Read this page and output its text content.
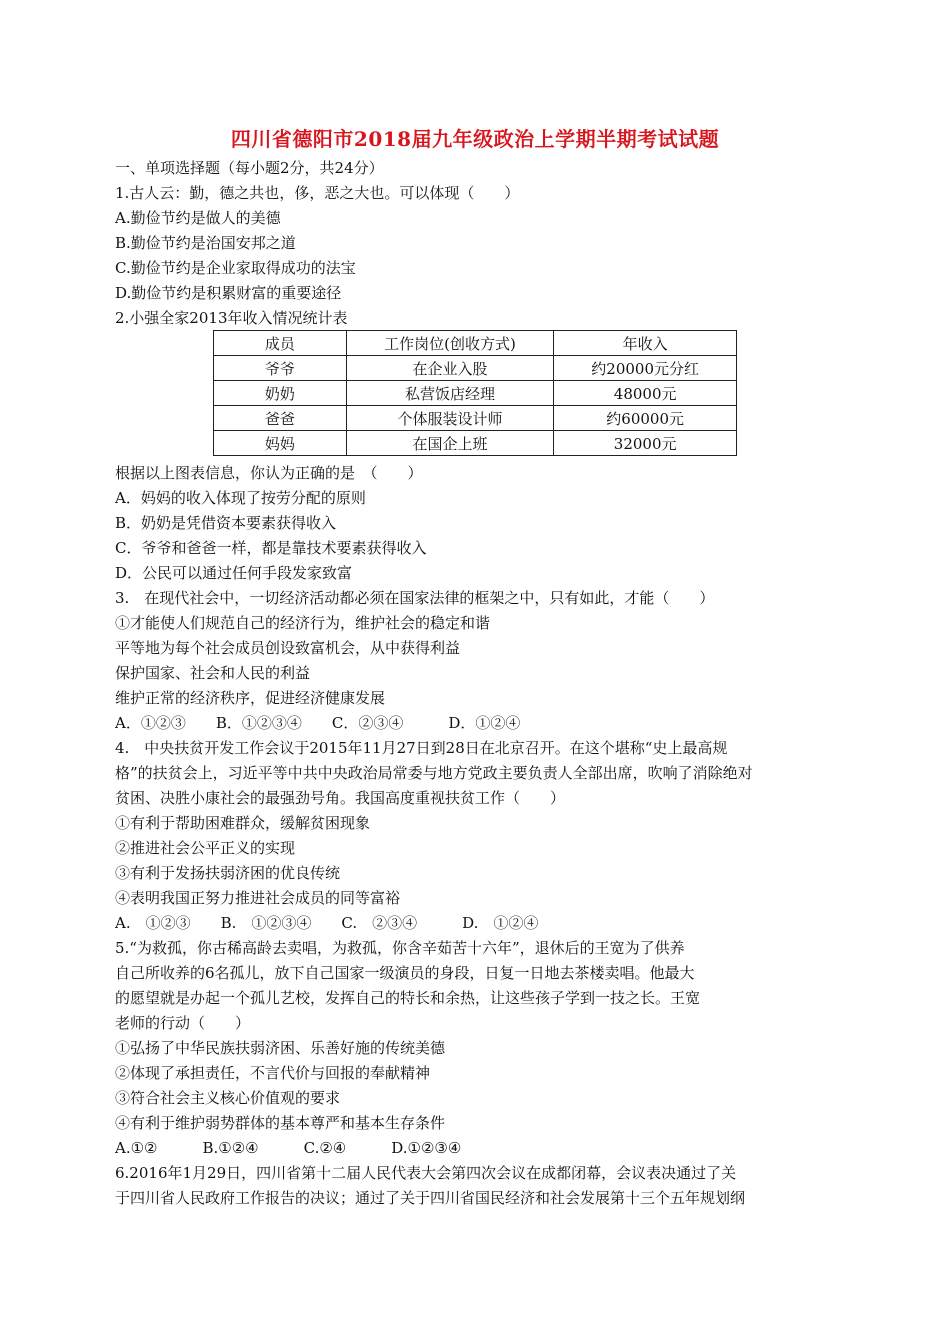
四川省德阳市2018届九年级政治上学期半期考试试题
一、单项选择题（每小题2分，共24分）
1.古人云：勤，德之共也，侈，恶之大也。可以体现（　　）
A.勤俭节约是做人的美德
B.勤俭节约是治国安邦之道
C.勤俭节约是企业家取得成功的法宝
D.勤俭节约是积累财富的重要途径
2.小强全家2013年收入情况统计表
成员	工作岗位(创收方式)	年收入
爷爷	在企业入股	约20000元分红
奶奶	私营饭店经理	48000元
爸爸	个体服装设计师	约60000元
妈妈	在国企上班	32000元
根据以上图表信息，你认为正确的是　（　　）
A．妈妈的收入体现了按劳分配的原则
B．奶奶是凭借资本要素获得收入
C．爷爷和爸爸一样，都是靠技术要素获得收入
D．公民可以通过任何手段发家致富
3.　在现代社会中，一切经济活动都必须在国家法律的框架之中，只有如此，才能（　　）
①才能使人们规范自己的经济行为，维护社会的稳定和谐
平等地为每个社会成员创设致富机会，从中获得利益
保护国家、社会和人民的利益
维护正常的经济秩序，促进经济健康发展
A．①②③　　B．①②③④　　C．②③④　　　D．①②④
4.　中央扶贫开发工作会议于2015年11月27日到28日在北京召开。在这个堪称“史上最高规
格”的扶贫会上，习近平等中共中央政治局常委与地方党政主要负责人全部出席，吹响了消除绝对
贫困、决胜小康社会的最强劲号角。我国高度重视扶贫工作（　　）
①有利于帮助困难群众，缓解贫困现象
②推进社会公平正义的实现
③有利于发扬扶弱济困的优良传统
④表明我国正努力推进社会成员的同等富裕
A.　①②③　　B.　①②③④　　C.　②③④　　　D.　①②④
5.“为救孤，你古稀高龄去卖唱，为救孤，你含辛茹苦十六年”，退休后的王宽为了供养
自己所收养的6名孤儿，放下自己国家一级演员的身段，日复一日地去茶楼卖唱。他最大
的愿望就是办起一个孤儿艺校，发挥自己的特长和余热，让这些孩子学到一技之长。王宽
老师的行动（　　）
①弘扬了中华民族扶弱济困、乐善好施的传统美德
②体现了承担责任，不言代价与回报的奉献精神
③符合社会主义核心价值观的要求
④有利于维护弱势群体的基本尊严和基本生存条件
A.①②　　　B.①②④　　　C.②④　　　D.①②③④
6.2016年1月29日，四川省第十二届人民代表大会第四次会议在成都闭幕，会议表决通过了关
于四川省人民政府工作报告的决议；通过了关于四川省国民经济和社会发展第十三个五年规划纲
